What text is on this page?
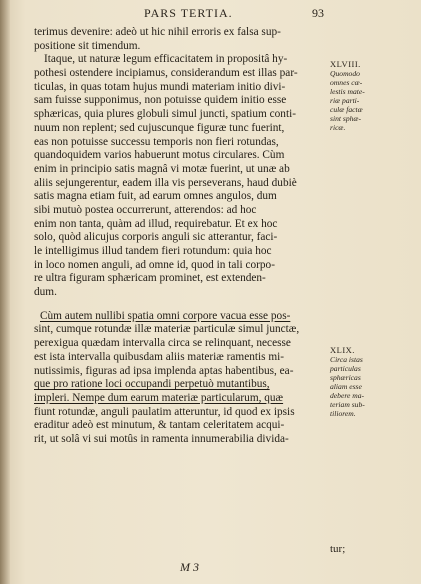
PARS TERTIA.	93
terimus devenire: adeò ut hic nihil erroris ex falsa sup-
positione sit timendum.
Itaque, ut naturæ legum efficacitatem in propositâ hy-
pothesi ostendere incipiamus, considerandum est illas par-
ticulas, in quas totam hujus mundi materiam initio divi-
sam fuisse supponimus, non potuisse quidem initio esse
sphæricas, quia plures globuli simul juncti, spatium conti-
nuum non replent; sed cujuscunque figuræ tunc fuerint,
eas non potuisse successu temporis non fieri rotundas,
quandoquidem varios habuerunt motus circulares. Cùm
enim in principio satis magnâ vi motæ fuerint, ut unæ ab
aliis sejungerentur, eadem illa vis perseverans, haud dubiè
satis magna etiam fuit, ad earum omnes angulos, dum
sibi mutuò postea occurrerunt, atterendos: ad hoc
enim non tanta, quàm ad illud, requirebatur. Et ex hoc
solo, quòd alicujus corporis anguli sic atterantur, faci-
le intelligimus illud tandem fieri rotundum: quia hoc
in loco nomen anguli, ad omne id, quod in tali corpo-
re ultra figuram sphæricam prominet, est extenden-
dum.
Cùm autem nullibi spatia omni corpore vacua esse pos-
sint, cumque rotundæ illæ materiæ particulæ simul junctæ,
perexigua quædam intervalla circa se relinquant, necesse
est ista intervalla quibusdam aliis materiæ ramentis mi-
nutissimis, figuras ad ipsa implenda aptas habentibus, ea-
que pro ratione loci occupandi perpetuò mutantibus,
impleri. Nempe dum earum materiæ particularum, quæ
fiunt rotundæ, anguli paulatim atteruntur, id quod ex ipsis
eraditur adeò est minutum, & tantam celeritatem acqui-
rit, ut solâ vi sui motûs in ramenta innumerabilia divida-
XLVIII.
Quomodo
omnes cæ-
lestis mate-
riæ parti-
culæ factæ
sint sphæ-
ricæ.
XLIX.
Circa istas
particulas
sphæricas
aliam esse
debere ma-
teriam sub-
tiliorem.
tur;
M 3
